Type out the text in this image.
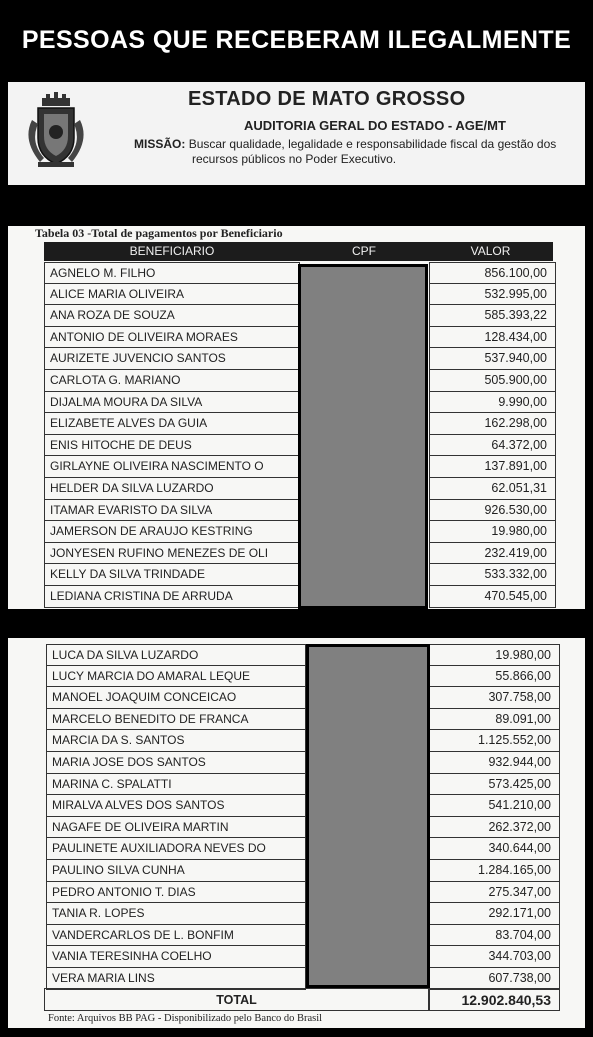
PESSOAS QUE RECEBERAM ILEGALMENTE
ESTADO DE MATO GROSSO
AUDITORIA GERAL DO ESTADO - AGE/MT
MISSÃO: Buscar qualidade, legalidade e responsabilidade fiscal da gestão dos
recursos públicos no Poder Executivo.
Tabela 03 -Total de pagamentos por Beneficiario
BENEFICIARIO	CPF	VALOR
AGNELO M. FILHO	856.100,00
ALICE MARIA OLIVEIRA	532.995,00
ANA ROZA DE SOUZA	585.393,22
ANTONIO DE OLIVEIRA MORAES	128.434,00
AURIZETE JUVENCIO SANTOS	537.940,00
CARLOTA G. MARIANO	505.900,00
DIJALMA MOURA DA SILVA	9.990,00
ELIZABETE ALVES DA GUIA	162.298,00
ENIS HITOCHE DE DEUS	64.372,00
GIRLAYNE OLIVEIRA NASCIMENTO O	137.891,00
HELDER DA SILVA LUZARDO	62.051,31
ITAMAR EVARISTO DA SILVA	926.530,00
JAMERSON DE ARAUJO KESTRING	19.980,00
JONYESEN RUFINO MENEZES DE OLI	232.419,00
KELLY DA SILVA TRINDADE	533.332,00
LEDIANA CRISTINA DE ARRUDA	470.545,00
LUCA DA SILVA LUZARDO	19.980,00
LUCY MARCIA DO AMARAL LEQUE	55.866,00
MANOEL JOAQUIM CONCEICAO	307.758,00
MARCELO BENEDITO DE FRANCA	89.091,00
MARCIA DA S. SANTOS	1.125.552,00
MARIA JOSE DOS SANTOS	932.944,00
MARINA C. SPALATTI	573.425,00
MIRALVA ALVES DOS SANTOS	541.210,00
NAGAFE DE OLIVEIRA MARTIN	262.372,00
PAULINETE AUXILIADORA NEVES DO	340.644,00
PAULINO SILVA CUNHA	1.284.165,00
PEDRO ANTONIO T. DIAS	275.347,00
TANIA R. LOPES	292.171,00
VANDERCARLOS DE L. BONFIM	83.704,00
VANIA TERESINHA COELHO	344.703,00
VERA MARIA LINS	607.738,00
TOTAL	12.902.840,53
Fonte: Arquivos BB PAG - Disponibilizado pelo Banco do Brasil
